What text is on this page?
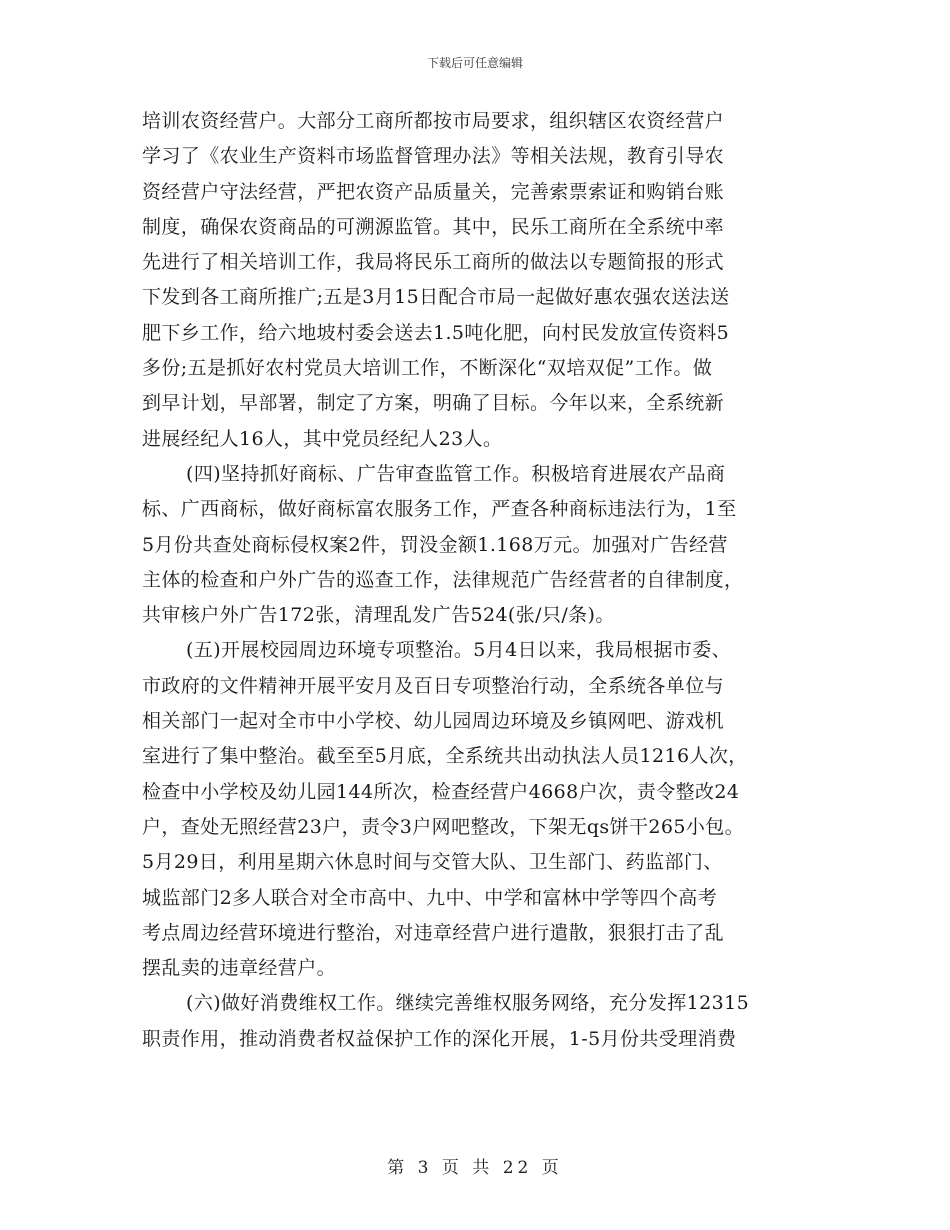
下载后可任意编辑
培训农资经营户。大部分工商所都按市局要求，组织辖区农资经营户
学习了《农业生产资料市场监督管理办法》等相关法规，教育引导农
资经营户守法经营，严把农资产品质量关，完善索票索证和购销台账
制度，确保农资商品的可溯源监管。其中，民乐工商所在全系统中率
先进行了相关培训工作，我局将民乐工商所的做法以专题简报的形式
下发到各工商所推广;五是3月15日配合市局一起做好惠农强农送法送
肥下乡工作，给六地坡村委会送去1.5吨化肥，向村民发放宣传资料5
多份;五是抓好农村党员大培训工作，不断深化“双培双促”工作。做
到早计划，早部署，制定了方案，明确了目标。今年以来，全系统新
进展经纪人16人，其中党员经纪人23人。
(四)坚持抓好商标、广告审查监管工作。积极培育进展农产品商
标、广西商标，做好商标富农服务工作，严查各种商标违法行为，1至
5月份共查处商标侵权案2件，罚没金额1.168万元。加强对广告经营
主体的检查和户外广告的巡查工作，法律规范广告经营者的自律制度，
共审核户外广告172张，清理乱发广告524(张/只/条)。
(五)开展校园周边环境专项整治。5月4日以来，我局根据市委、
市政府的文件精神开展平安月及百日专项整治行动，全系统各单位与
相关部门一起对全市中小学校、幼儿园周边环境及乡镇网吧、游戏机
室进行了集中整治。截至至5月底，全系统共出动执法人员1216人次，
检查中小学校及幼儿园144所次，检查经营户4668户次，责令整改24
户，查处无照经营23户，责令3户网吧整改，下架无qs饼干265小包。
5月29日，利用星期六休息时间与交管大队、卫生部门、药监部门、
城监部门2多人联合对全市高中、九中、中学和富林中学等四个高考
考点周边经营环境进行整治，对违章经营户进行遣散，狠狠打击了乱
摆乱卖的违章经营户。
(六)做好消费维权工作。继续完善维权服务网络，充分发挥12315
职责作用，推动消费者权益保护工作的深化开展，1-5月份共受理消费
第 3 页 共 22 页
